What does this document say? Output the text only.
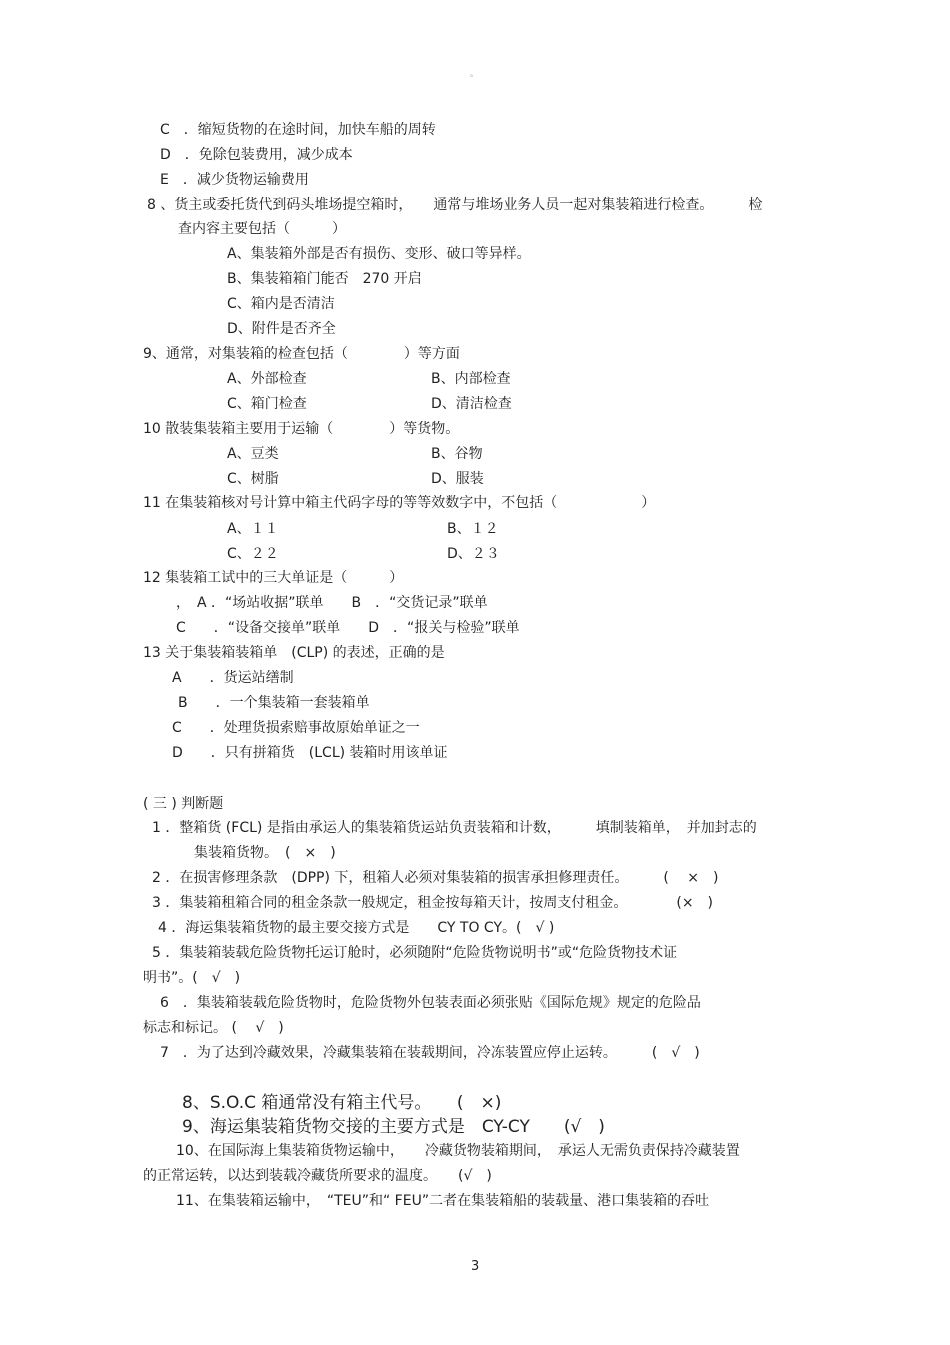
。
C　．缩短货物的在途时间，加快车船的周转
D　．免除包装费用，减少成本
E　．减少货物运输费用
8 、货主或委托货代到码头堆场提空箱时，　　通常与堆场业务人员一起对集装箱进行检查。　　　检
查内容主要包括（　　　）
A、集装箱外部是否有损伤、变形、破口等异样。
B、集装箱箱门能否　270 开启
C、箱内是否清洁
D、附件是否齐全
9、通常，对集装箱的检查包括（　　　　）等方面
A、外部检查	B、内部检查
C、箱门检查	D、清洁检查
10 散装集装箱主要用于运输（　　　　）等货物。
A、豆类	B、谷物
C、树脂	D、服装
11 在集装箱核对号计算中箱主代码字母的等等效数字中，不包括（　　　　　　）
A、１１	B、１２
C、２２	D、２３
12 集装箱工试中的三大单证是（　　　）
，　A ．“场站收据”联单　　B　．“交货记录”联单
C　　．“设备交接单”联单　　D　．“报关与检验”联单
13 关于集装箱装箱单　(CLP) 的表述，正确的是
A　　．货运站缮制
B　　．一个集装箱一套装箱单
C　　．处理货损索赔事故原始单证之一
D　　．只有拼箱货　(LCL) 装箱时用该单证
( 三 ) 判断题
1 ．整箱货 (FCL) 是指由承运人的集装箱货运站负责装箱和计数，　　　填制装箱单，　并加封志的
集装箱货物。　(　×　)
2 ．在损害修理条款　(DPP) 下，租箱人必须对集装箱的损害承担修理责任。　　　(　 ×　)
3 ．集装箱租箱合同的租金条款一般规定，租金按每箱天计，按周支付租金。　　　　(×　)
4 ．海运集装箱货物的最主要交接方式是　　CY TO CY。(　√ )
5 ．集装箱装载危险货物托运订舱时，必须随附“危险货物说明书”或“危险货物技术证
明书”。(　√　)
6　．集装箱装载危险货物时，危险货物外包装表面必须张贴《国际危规》规定的危险品
标志和标记。 (　 √　)
7　．为了达到冷藏效果，冷藏集装箱在装载期间，冷冻装置应停止运转。　　　(　√　)
8、S.O.C 箱通常没有箱主代号。　　(　×)
9、海运集装箱货物交接的主要方式是　CY-CY　　(√　)
10、在国际海上集装箱货物运输中，　　冷藏货物装箱期间，　承运人无需负责保持冷藏装置
的正常运转，以达到装载冷藏货所要求的温度。　　(√　)
11、在集装箱运输中，　“TEU”和“ FEU”二者在集装箱船的装载量、港口集装箱的吞吐
3
